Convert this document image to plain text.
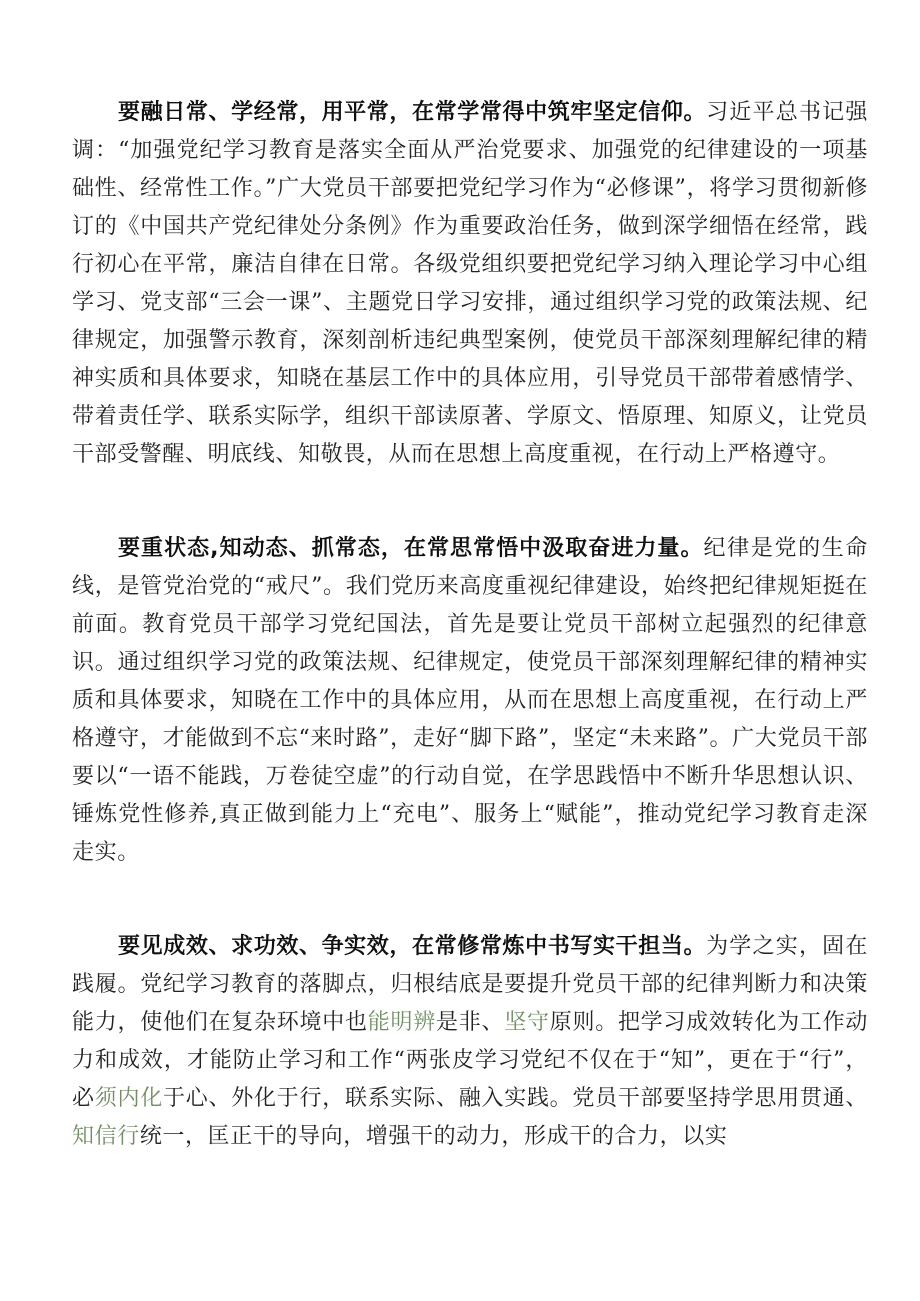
要融日常、学经常，用平常，在常学常得中筑牢坚定信仰。习近平总书记强调：“加强党纪学习教育是落实全面从严治党要求、加强党的纪律建设的一项基础性、经常性工作。”广大党员干部要把党纪学习作为“必修课”，将学习贯彻新修订的《中国共产党纪律处分条例》作为重要政治任务，做到深学细悟在经常，践行初心在平常，廉洁自律在日常。各级党组织要把党纪学习纳入理论学习中心组学习、党支部“三会一课”、主题党日学习安排，通过组织学习党的政策法规、纪律规定，加强警示教育，深刻剖析违纪典型案例，使党员干部深刻理解纪律的精神实质和具体要求，知晓在基层工作中的具体应用，引导党员干部带着感情学、带着责任学、联系实际学，组织干部读原著、学原文、悟原理、知原义，让党员干部受警醒、明底线、知敬畏，从而在思想上高度重视，在行动上严格遵守。

要重状态,知动态、抓常态，在常思常悟中汲取奋进力量。纪律是党的生命线，是管党治党的“戒尺”。我们党历来高度重视纪律建设，始终把纪律规矩挺在前面。教育党员干部学习党纪国法，首先是要让党员干部树立起强烈的纪律意识。通过组织学习党的政策法规、纪律规定，使党员干部深刻理解纪律的精神实质和具体要求，知晓在工作中的具体应用，从而在思想上高度重视，在行动上严格遵守，才能做到不忘“来时路”，走好“脚下路”，坚定“未来路”。广大党员干部要以“一语不能践，万卷徒空虚”的行动自觉，在学思践悟中不断升华思想认识、锤炼党性修养,真正做到能力上“充电”、服务上“赋能”，推动党纪学习教育走深走实。

要见成效、求功效、争实效，在常修常炼中书写实干担当。为学之实，固在践履。党纪学习教育的落脚点，归根结底是要提升党员干部的纪律判断力和决策能力，使他们在复杂环境中也能明辨是非、坚守原则。把学习成效转化为工作动力和成效，才能防止学习和工作“两张皮学习党纪不仅在于“知”，更在于“行”，必须内化于心、外化于行，联系实际、融入实践。党员干部要坚持学思用贯通、知信行统一，匡正干的导向，增强干的动力，形成干的合力，以实
